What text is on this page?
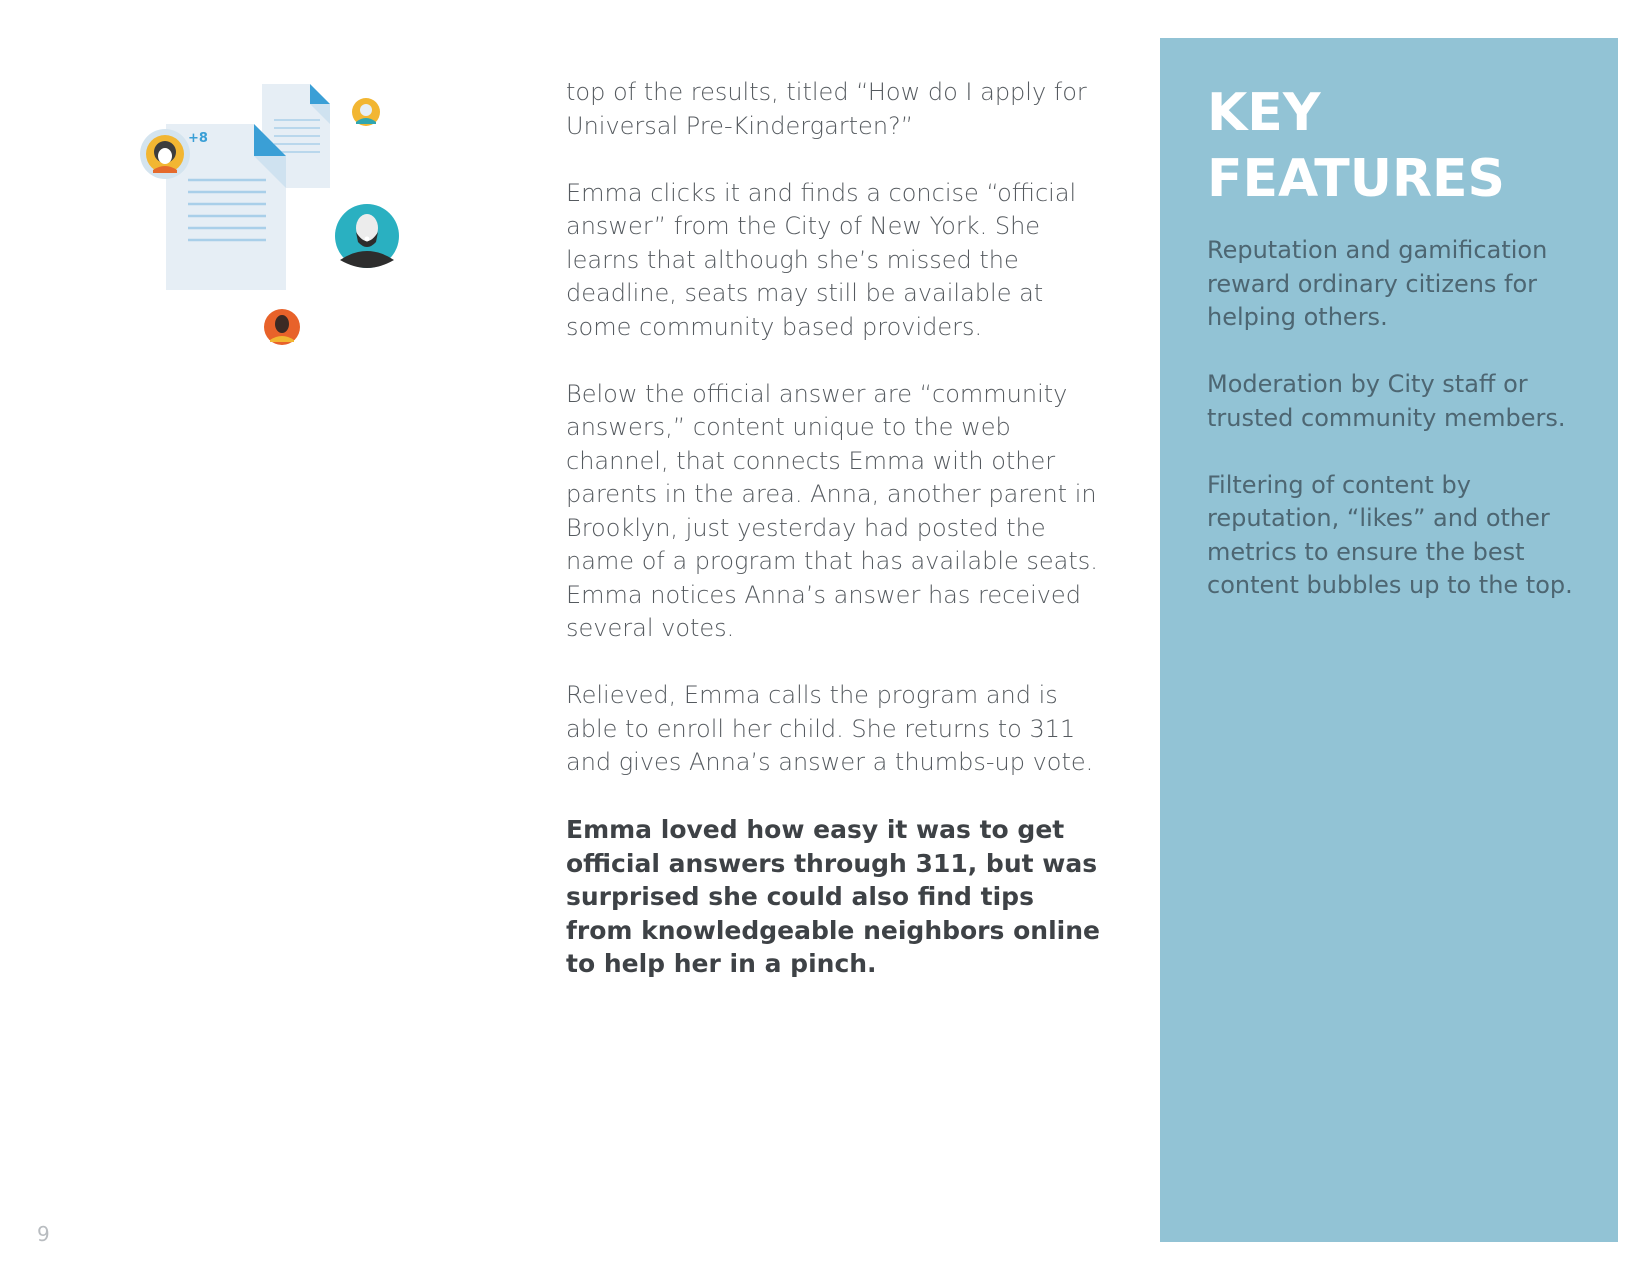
+8

top of the results, titled “How do I apply for Universal Pre-Kindergarten?”

Emma clicks it and finds a concise “official answer” from the City of New York. She learns that although she’s missed the deadline, seats may still be available at some community based providers.

Below the official answer are “community answers,” content unique to the web channel, that connects Emma with other parents in the area. Anna, another parent in Brooklyn, just yesterday had posted the name of a program that has available seats. Emma notices Anna’s answer has received several votes.

Relieved, Emma calls the program and is able to enroll her child. She returns to 311 and gives Anna’s answer a thumbs-up vote.

Emma loved how easy it was to get official answers through 311, but was surprised she could also find tips from knowledgeable neighbors online to help her in a pinch.

KEY
FEATURES

Reputation and gamification reward ordinary citizens for helping others.

Moderation by City staff or trusted community members.

Filtering of content by reputation, “likes” and other metrics to ensure the best content bubbles up to the top.

9
